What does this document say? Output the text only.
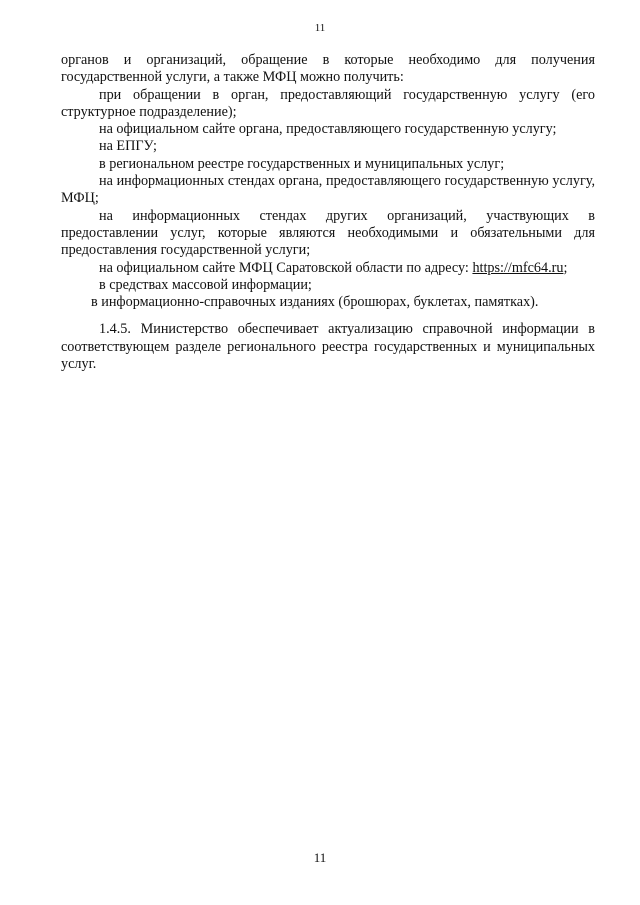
11

органов и организаций, обращение в которые необходимо для получения государственной услуги, а также МФЦ можно получить:

при обращении в орган, предоставляющий государственную услугу (его структурное подразделение);

на официальном сайте органа, предоставляющего государственную услугу;

на ЕПГУ;

в региональном реестре государственных и муниципальных услуг;

на информационных стендах органа, предоставляющего государственную услугу, МФЦ;

на информационных стендах других организаций, участвующих в предоставлении услуг, которые являются необходимыми и обязательными для предоставления государственной услуги;

на официальном сайте МФЦ Саратовской области по адресу: https://mfc64.ru;

в средствах массовой информации;

в информационно-справочных изданиях (брошюрах, буклетах, памятках).

1.4.5. Министерство обеспечивает актуализацию справочной информации в соответствующем разделе регионального реестра государственных и муниципальных услуг.

11
